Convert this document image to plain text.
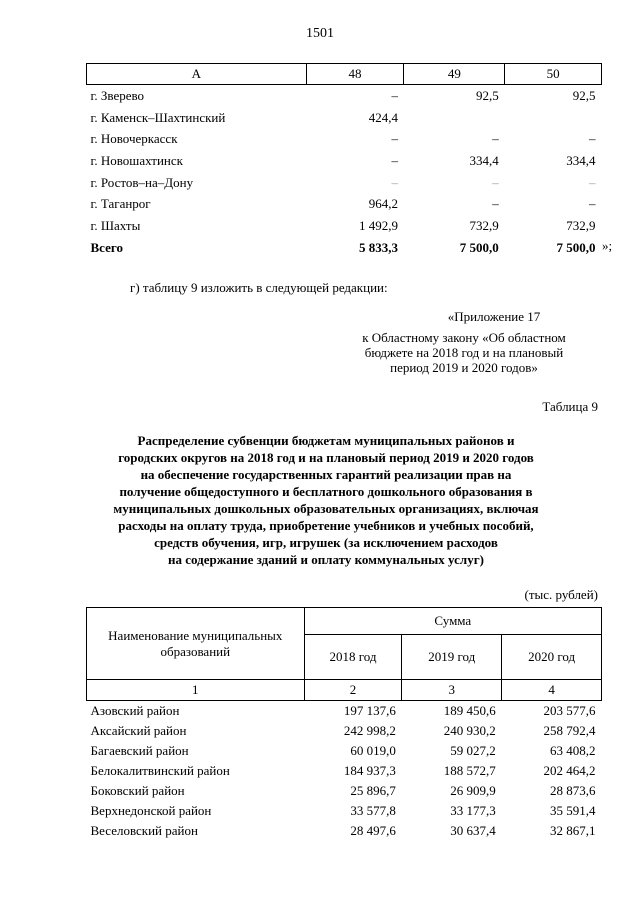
1501
А	48	49	50
г. Зверево	–	92,5	92,5
г. Каменск–Шахтинский	424,4		
г. Новочеркасск	–	–	–
г. Новошахтинск	–	334,4	334,4
г. Ростов–на–Дону	–	–	–
г. Таганрог	964,2	–	–
г. Шахты	1 492,9	732,9	732,9
Всего	5 833,3	7 500,0	7 500,0 »;
г) таблицу 9 изложить в следующей редакции:
«Приложение 17
к Областному закону «Об областном
бюджете на 2018 год и на плановый
период 2019 и 2020 годов»
Таблица 9
Распределение субвенции бюджетам муниципальных районов и
городских округов на 2018 год и на плановый период 2019 и 2020 годов
на обеспечение государственных гарантий реализации прав на
получение общедоступного и бесплатного дошкольного образования в
муниципальных дошкольных образовательных организациях, включая
расходы на оплату труда, приобретение учебников и учебных пособий,
средств обучения, игр, игрушек (за исключением расходов
на содержание зданий и оплату коммунальных услуг)
(тыс. рублей)
Наименование муниципальных образований	Сумма		
	2018 год	2019 год	2020 год
1	2	3	4
Азовский район	197 137,6	189 450,6	203 577,6
Аксайский район	242 998,2	240 930,2	258 792,4
Багаевский район	60 019,0	59 027,2	63 408,2
Белокалитвинский район	184 937,3	188 572,7	202 464,2
Боковский район	25 896,7	26 909,9	28 873,6
Верхнедонской район	33 577,8	33 177,3	35 591,4
Веселовский район	28 497,6	30 637,4	32 867,1
